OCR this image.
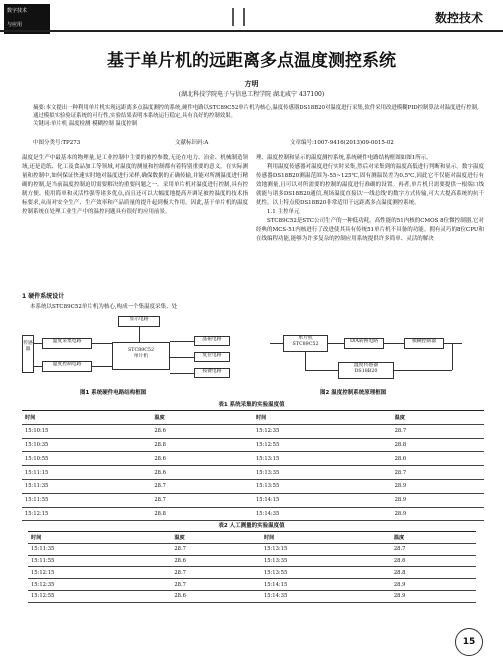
数字技术
与应用	数控技术
基于单片机的远距离多点温度测控系统
方明
(湖北科技学院电子与信息工程学院 湖北咸宁 437100)
摘要:本文提出一种利用单片机实现远距离多点温度测控的系统,硬件电路以STC89C52单片机为核心,温度传感器DS18B20对温度进行采集,软件采用改进模糊PID控制算法对温度进行控制,通过模拟实验验证系统的可行性,实验结果表明本系统运行稳定,具有良好的控制效果。
关键词:单片机 温度检测 模糊控制 温度控制
中图分类号:TP273	文献标识码:A	文章编号:1007-9416(2013)09-0015-02
温度是生产中最基本的物理量,是工业控制中主要的被控参数,无论在电力、冶金、机械制造领域,还是造纸、化工及食品加工等领域,对温度的测量和控制都有着特别重要的意义。在实际测量和控制中,如何保证快速实时地对温度进行采样,确保数据的正确传输,并能对所测温度进行精确的控制,是当前温度控制迫切需要解决的重要问题之一。采用单片机对温度进行控制,具有控制方便、使用简单和灵活性强等诸多优点,而且还可以大幅度地提高开调足被控温度的技术指标要求,从而对安全生产、生产效率和产品质量的提升起到极大作用。因此,基于单片机的温度控制系统在处理工业生产中的温控问题具有很好的应用前景。
1 硬件系统设计
本系统以STC89C52单片机为核心,构成一个集温度采集、处
理、温度控制和显示的温度测控系统,系统硬件电路结构框图如图1所示。
利用温度传感器对温度进行实时采集,然后对采集到的温度高低进行判断和显示。数字温度传感器DS18B20测温范围为-55~125℃,固有测温误差为0.5℃,因此它不仅能对温度进行有效地测量,且可以对所需要的控制的温度进行准确的设置。再者,单片机只需要提供一根端口线就能与诸多DS18B20通信,现场温度直接以'一线总线'的数字方式传输,可大大提高系统的抗干扰性。以上特点使DS18B20非常适用于远距离多点温度测控系统。
1.1 主控单元
STC89C52是STC公司生产的一种低功耗、高性能的51内核的CMOS 8位微控制器,它对经典的MCS-51内核进行了改进使其具有传统51单片机不具备的功能。拥有灵巧的8位CPU和在线编程功能,能够为许多复杂的控制应用系统提供许多简单、灵活的解决
传感器
显示电路
温度采集电路
温度控制电路
STC89C52
单片机
晶振电路
复位电路
按键电路
图1 系统硬件电路结构框图
单片机
STC89C52
D/A转换电路	模糊控制器
温度传感器
DS18B20
图2 温度控制系统原理框图
表1 系统采集的实验温度值
时间	温度	时间	温度
15:10:15	28.6	15:12:35	28.7
15:10:35	28.8	15:12:55	28.8
15:10:55	28.6	15:13:15	28.6
15:11:15	28.6	15:13:35	28.7
15:11:35	28.7	15:13:55	28.9
15:11:55	28.7	15:14:15	28.9
15:12:15	28.8	15:14:35	28.9
表2 人工测量的实验温度值
时间	温度	时间	温度
15:11:35	28.7	15:13:15	28.7
15:11:55	28.6	15:13:35	28.6
15:12:15	28.7	15:13:55	28.8
15:12:35	28.7	15:14:15	28.9
15:12:55	28.6	15:14:35	28.9
15
